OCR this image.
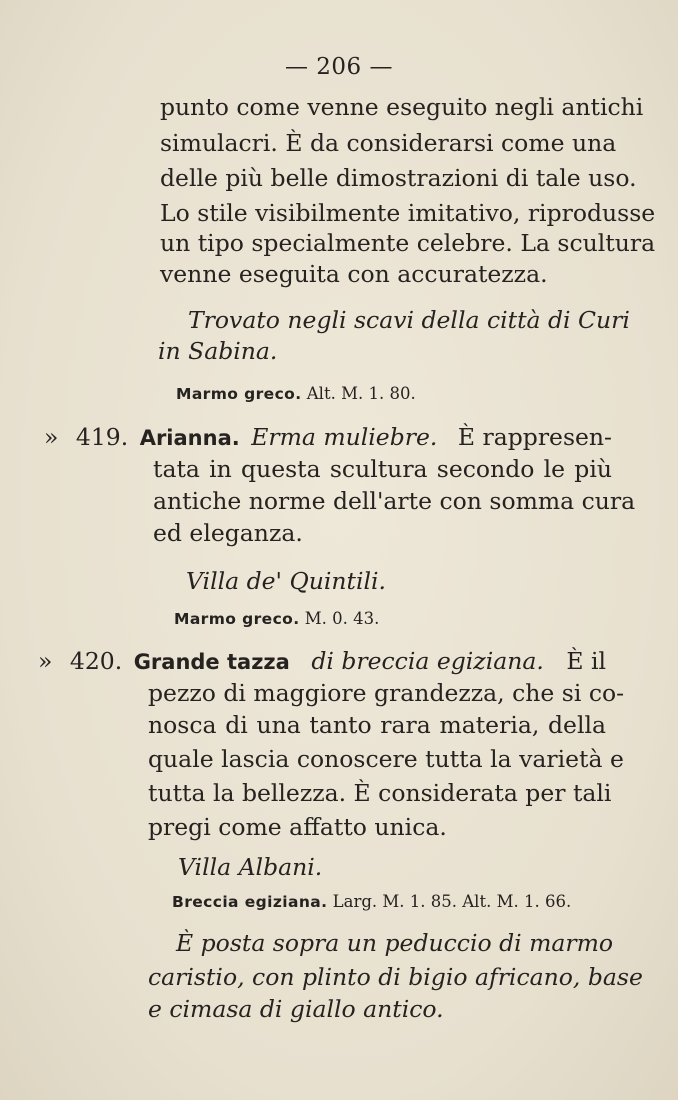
— 206 —
punto come venne eseguito negli antichi
simulacri. È da considerarsi come una
delle più belle dimostrazioni di tale uso.
Lo stile visibilmente imitativo, riprodusse
un tipo specialmente celebre. La scultura
venne eseguita con accuratezza.
Trovato negli scavi della città di Curi
in Sabina.
Marmo greco. Alt. M. 1. 80.
» 419. Arianna. Erma muliebre. È rappresen-
tata in questa scultura secondo le più
antiche norme dell'arte con somma cura
ed eleganza.
Villa de' Quintili.
Marmo greco. M. 0. 43.
» 420. Grande tazza di breccia egiziana. È il
pezzo di maggiore grandezza, che si co-
nosca di una tanto rara materia, della
quale lascia conoscere tutta la varietà e
tutta la bellezza. È considerata per tali
pregi come affatto unica.
Villa Albani.
Breccia egiziana. Larg. M. 1. 85. Alt. M. 1. 66.
È posta sopra un peduccio di marmo
caristio, con plinto di bigio africano, base
e cimasa di giallo antico.
